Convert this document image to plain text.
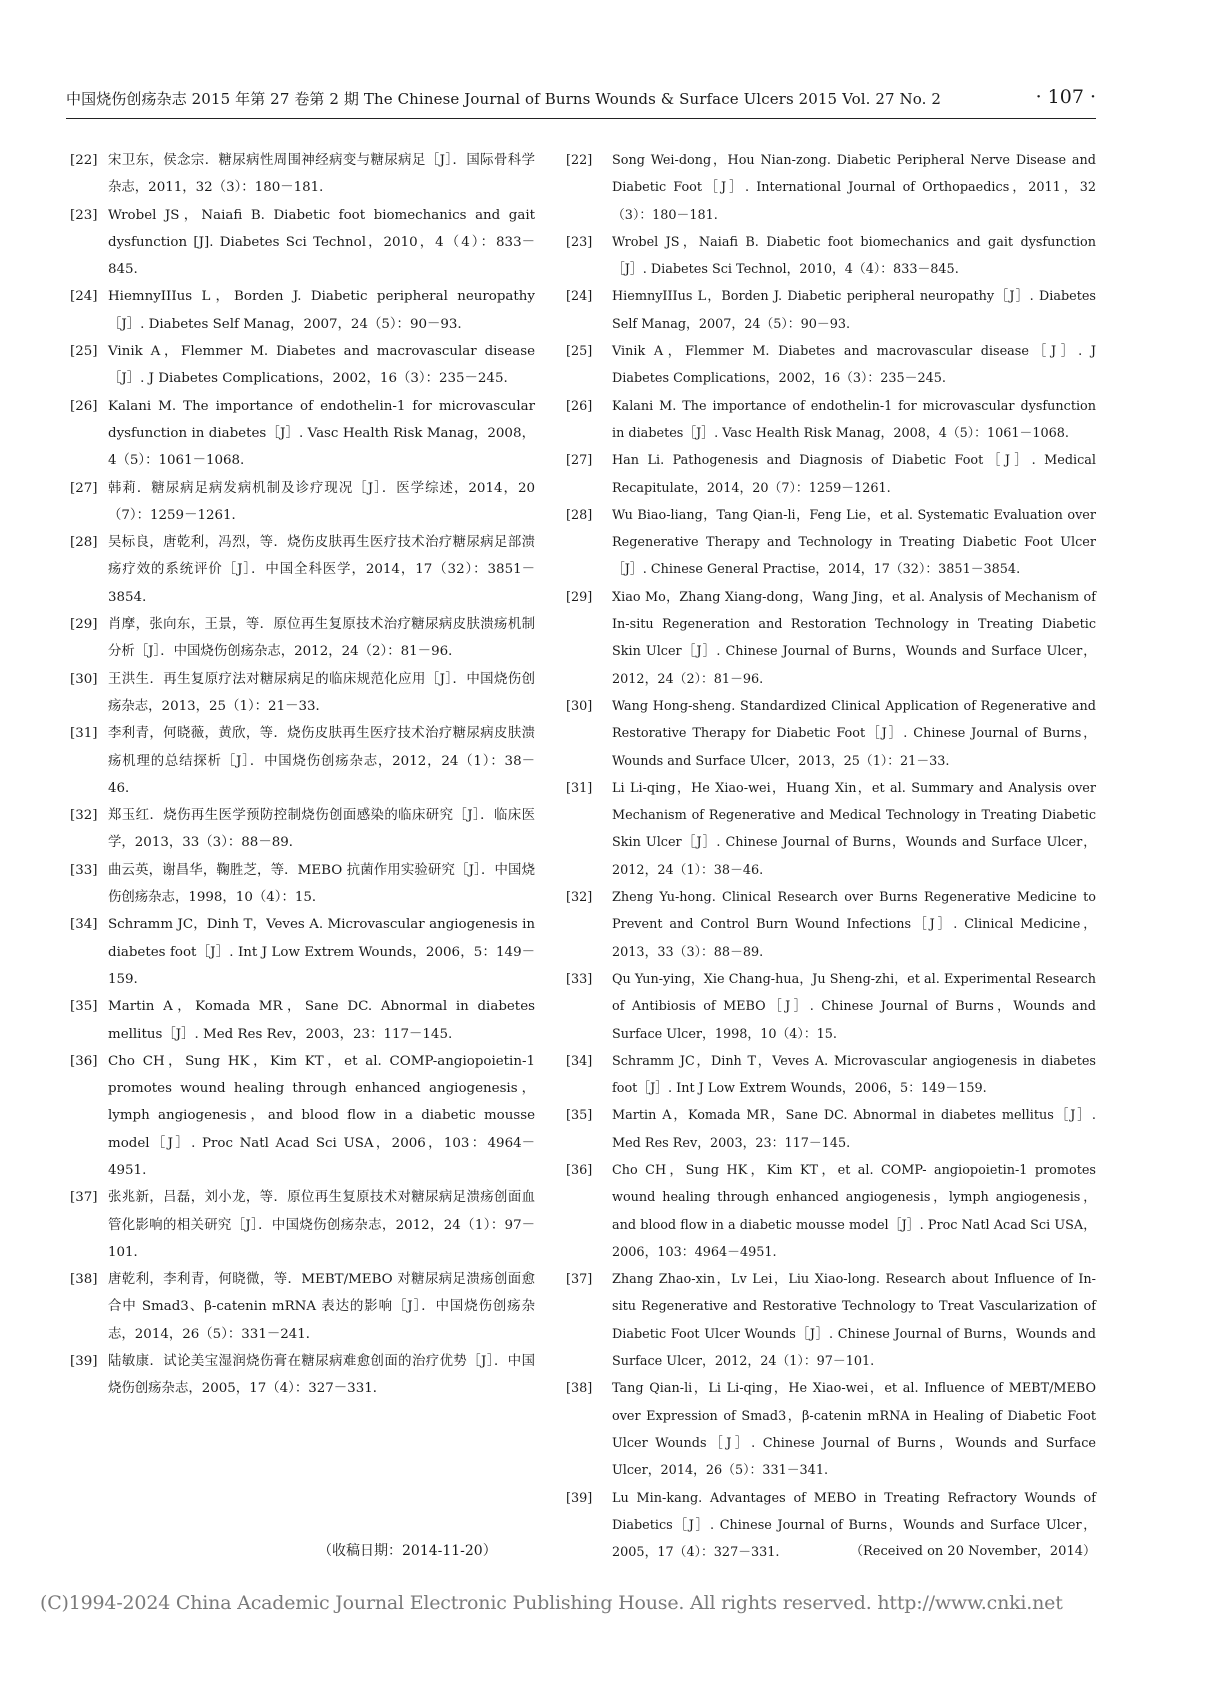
中国烧伤创疡杂志 2015 年第 27 卷第 2 期 The Chinese Journal of Burns Wounds & Surface Ulcers 2015 Vol. 27 No. 2	· 107 ·
[22] 宋卫东，侯念宗．糖尿病性周围神经病变与糖尿病足［J］．国际骨科学杂志，2011，32（3）：180－181．
[23] Wrobel JS，Naiafi B. Diabetic foot biomechanics and gait dysfunction [J]. Diabetes Sci Technol，2010，4（4）：833－845.
[24] HiemnyIIIus L，Borden J. Diabetic peripheral neuropathy［J］. Diabetes Self Manag，2007，24（5）：90－93.
[25] Vinik A，Flemmer M. Diabetes and macrovascular disease［J］. J Diabetes Complications，2002，16（3）：235－245.
[26] Kalani M. The importance of endothelin-1 for microvascular dysfunction in diabetes［J］. Vasc Health Risk Manag，2008，4（5）：1061－1068.
[27] 韩莉．糖尿病足病发病机制及诊疗现况［J］．医学综述，2014，20（7）：1259－1261．
[28] 吴标良，唐乾利，冯烈，等．烧伤皮肤再生医疗技术治疗糖尿病足部溃疡疗效的系统评价［J］．中国全科医学，2014，17（32）：3851－3854．
[29] 肖摩，张向东，王景，等．原位再生复原技术治疗糖尿病皮肤溃疡机制分析［J］．中国烧伤创疡杂志，2012，24（2）：81－96．
[30] 王洪生．再生复原疗法对糖尿病足的临床规范化应用［J］．中国烧伤创疡杂志，2013，25（1）：21－33．
[31] 李利青，何晓薇，黄欣，等．烧伤皮肤再生医疗技术治疗糖尿病皮肤溃疡机理的总结探析［J］．中国烧伤创疡杂志，2012，24（1）：38－46．
[32] 郑玉红．烧伤再生医学预防控制烧伤创面感染的临床研究［J］．临床医学，2013，33（3）：88－89．
[33] 曲云英，谢昌华，鞠胜芝，等．MEBO 抗菌作用实验研究［J］．中国烧伤创疡杂志，1998，10（4）：15．
[34] Schramm JC，Dinh T，Veves A. Microvascular angiogenesis in diabetes foot［J］. Int J Low Extrem Wounds，2006，5：149－159.
[35] Martin A，Komada MR，Sane DC. Abnormal in diabetes mellitus［J］. Med Res Rev，2003，23：117－145.
[36] Cho CH，Sung HK，Kim KT，et al. COMP-angiopoietin-1 promotes wound healing through enhanced angiogenesis，lymph angiogenesis，and blood flow in a diabetic mousse model［J］. Proc Natl Acad Sci USA，2006，103：4964－4951.
[37] 张兆新，吕磊，刘小龙，等．原位再生复原技术对糖尿病足溃疡创面血管化影响的相关研究［J］．中国烧伤创疡杂志，2012，24（1）：97－101．
[38] 唐乾利，李利青，何晓微，等．MEBT/MEBO 对糖尿病足溃疡创面愈合中 Smad3、β-catenin mRNA 表达的影响［J］．中国烧伤创疡杂志，2014，26（5）：331－241．
[39] 陆敏康．试论美宝湿润烧伤膏在糖尿病难愈创面的治疗优势［J］．中国烧伤创疡杂志，2005，17（4）：327－331．
[22] Song Wei-dong，Hou Nian-zong. Diabetic Peripheral Nerve Disease and Diabetic Foot［J］. International Journal of Orthopaedics，2011，32（3）：180－181.
[23] Wrobel JS，Naiafi B. Diabetic foot biomechanics and gait dysfunction［J］. Diabetes Sci Technol，2010，4（4）：833－845.
[24] HiemnyIIIus L，Borden J. Diabetic peripheral neuropathy［J］. Diabetes Self Manag，2007，24（5）：90－93.
[25] Vinik A，Flemmer M. Diabetes and macrovascular disease［J］. J Diabetes Complications，2002，16（3）：235－245.
[26] Kalani M. The importance of endothelin-1 for microvascular dysfunction in diabetes［J］. Vasc Health Risk Manag，2008，4（5）：1061－1068.
[27] Han Li. Pathogenesis and Diagnosis of Diabetic Foot［J］. Medical Recapitulate，2014，20（7）：1259－1261.
[28] Wu Biao-liang，Tang Qian-li，Feng Lie，et al. Systematic Evaluation over Regenerative Therapy and Technology in Treating Diabetic Foot Ulcer［J］. Chinese General Practise，2014，17（32）：3851－3854.
[29] Xiao Mo，Zhang Xiang-dong，Wang Jing，et al. Analysis of Mechanism of In-situ Regeneration and Restoration Technology in Treating Diabetic Skin Ulcer［J］. Chinese Journal of Burns，Wounds and Surface Ulcer，2012，24（2）：81－96.
[30] Wang Hong-sheng. Standardized Clinical Application of Regenerative and Restorative Therapy for Diabetic Foot［J］. Chinese Journal of Burns，Wounds and Surface Ulcer，2013，25（1）：21－33.
[31] Li Li-qing，He Xiao-wei，Huang Xin，et al. Summary and Analysis over Mechanism of Regenerative and Medical Technology in Treating Diabetic Skin Ulcer［J］. Chinese Journal of Burns，Wounds and Surface Ulcer，2012，24（1）：38－46.
[32] Zheng Yu-hong. Clinical Research over Burns Regenerative Medicine to Prevent and Control Burn Wound Infections［J］. Clinical Medicine，2013，33（3）：88－89.
[33] Qu Yun-ying，Xie Chang-hua，Ju Sheng-zhi，et al. Experimental Research of Antibiosis of MEBO［J］. Chinese Journal of Burns，Wounds and Surface Ulcer，1998，10（4）：15.
[34] Schramm JC，Dinh T，Veves A. Microvascular angiogenesis in diabetes foot［J］. Int J Low Extrem Wounds，2006，5：149－159.
[35] Martin A，Komada MR，Sane DC. Abnormal in diabetes mellitus［J］. Med Res Rev，2003，23：117－145.
[36] Cho CH，Sung HK，Kim KT，et al. COMP- angiopoietin-1 promotes wound healing through enhanced angiogenesis，lymph angiogenesis，and blood flow in a diabetic mousse model［J］. Proc Natl Acad Sci USA，2006，103：4964－4951.
[37] Zhang Zhao-xin，Lv Lei，Liu Xiao-long. Research about Influence of In-situ Regenerative and Restorative Technology to Treat Vascularization of Diabetic Foot Ulcer Wounds［J］. Chinese Journal of Burns，Wounds and Surface Ulcer，2012，24（1）：97－101.
[38] Tang Qian-li，Li Li-qing，He Xiao-wei，et al. Influence of MEBT/MEBO over Expression of Smad3，β-catenin mRNA in Healing of Diabetic Foot Ulcer Wounds［J］. Chinese Journal of Burns，Wounds and Surface Ulcer，2014，26（5）：331－341.
[39] Lu Min-kang. Advantages of MEBO in Treating Refractory Wounds of Diabetics［J］. Chinese Journal of Burns，Wounds and Surface Ulcer，2005，17（4）：327－331.
（收稿日期：2014-11-20）	（Received on 20 November，2014）
(C)1994-2024 China Academic Journal Electronic Publishing House. All rights reserved. http://www.cnki.net
